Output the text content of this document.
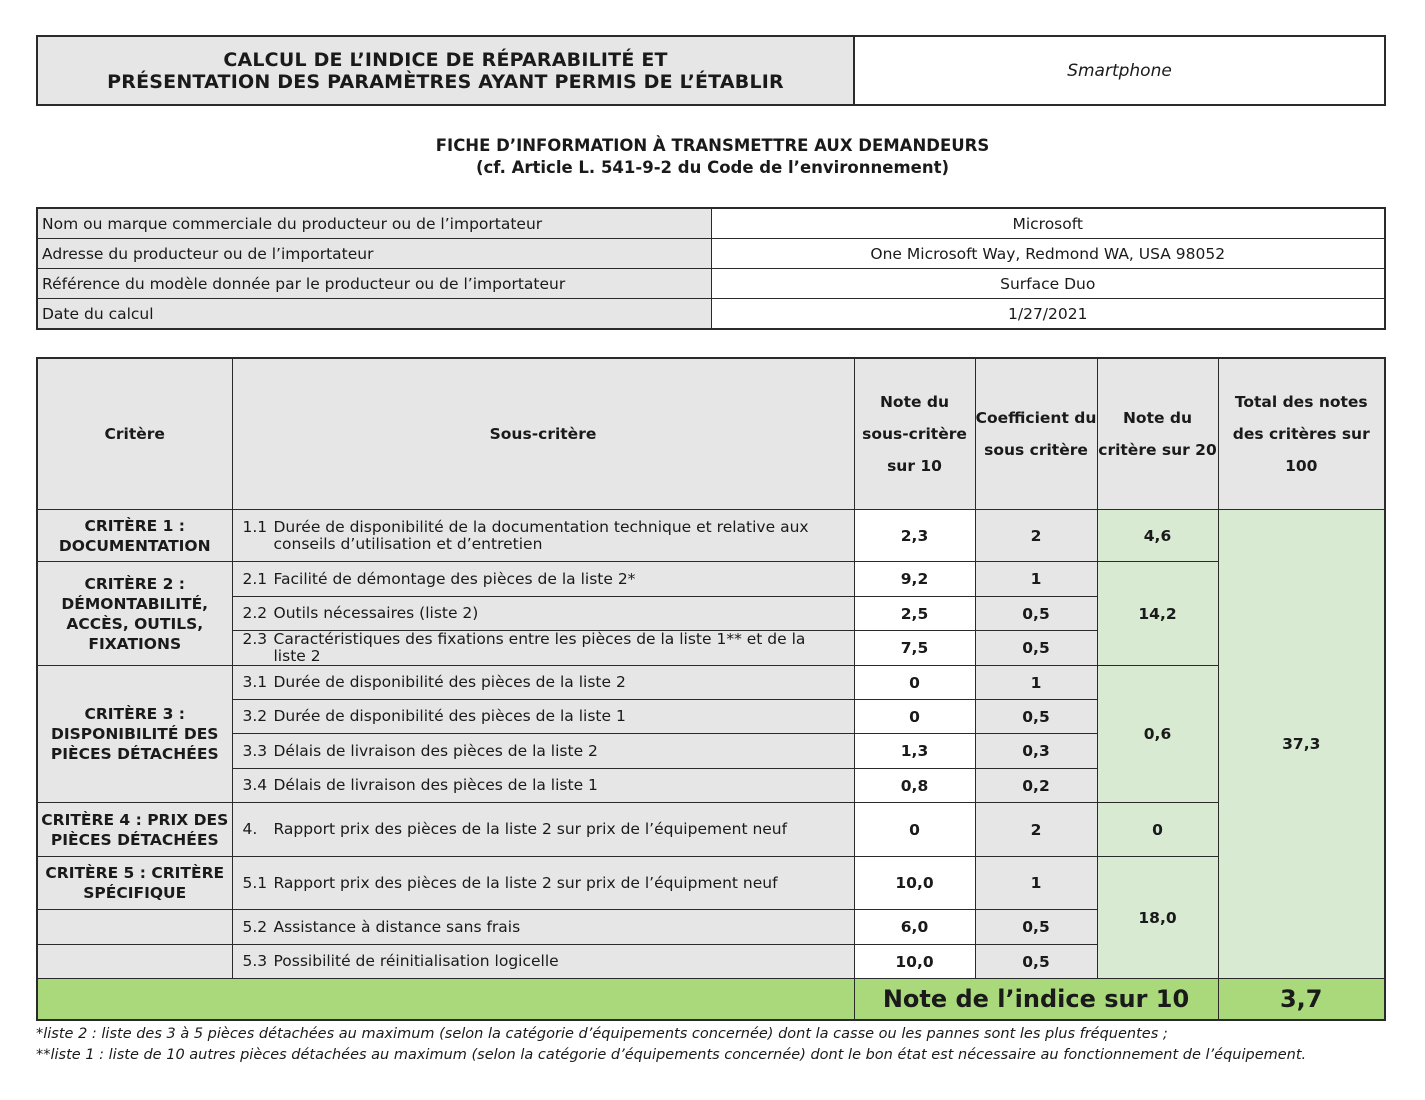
CALCUL DE L’INDICE DE RÉPARABILITÉ ET
PRÉSENTATION DES PARAMÈTRES AYANT PERMIS DE L’ÉTABLIR	Smartphone
FICHE D’INFORMATION À TRANSMETTRE AUX DEMANDEURS
(cf. Article L. 541-9-2 du Code de l’environnement)
Nom ou marque commerciale du producteur ou de l’importateur	Microsoft
Adresse du producteur ou de l’importateur	One Microsoft Way, Redmond WA, USA 98052
Référence du modèle donnée par le producteur ou de l’importateur	Surface Duo
Date du calcul	1/27/2021
Critère	Sous-critère	Note du sous-critère sur 10	Coefficient du sous critère	Note du critère sur 20	Total des notes des critères sur 100
CRITÈRE 1 : DOCUMENTATION	1.1 Durée de disponibilité de la documentation technique et relative aux conseils d’utilisation et d’entretien	2,3	2	4,6	37,3
CRITÈRE 2 : DÉMONTABILITÉ, ACCÈS, OUTILS, FIXATIONS	2.1 Facilité de démontage des pièces de la liste 2*	9,2	1	14,2	

	2.2 Outils nécessaires (liste 2)	2,5	0,5		

	2.3 Caractéristiques des fixations entre les pièces de la liste 1** et de la liste 2	7,5	0,5		
CRITÈRE 3 : DISPONIBILITÉ DES PIÈCES DÉTACHÉES	3.1 Durée de disponibilité des pièces de la liste 2	0	1	0,6	

	3.2 Durée de disponibilité des pièces de la liste 1	0	0,5		

	3.3 Délais de livraison des pièces de la liste 2	1,3	0,3		

	3.4 Délais de livraison des pièces de la liste 1	0,8	0,2		
CRITÈRE 4 : PRIX DES PIÈCES DÉTACHÉES	4. Rapport prix des pièces de la liste 2 sur prix de l’équipement neuf	0	2	0	
CRITÈRE 5 : CRITÈRE SPÉCIFIQUE	5.1 Rapport prix des pièces de la liste 2 sur prix de l’équipment neuf	10,0	1	18,0	

	5.2 Assistance à distance sans frais	6,0	0,5		

	5.3 Possibilité de réinitialisation logicelle	10,0	0,5		
		Note de l’indice sur 10			3,7
*liste 2 : liste des 3 à 5 pièces détachées au maximum (selon la catégorie d’équipements concernée) dont la casse ou les pannes sont les plus fréquentes ;
**liste 1 : liste de 10 autres pièces détachées au maximum (selon la catégorie d’équipements concernée) dont le bon état est nécessaire au fonctionnement de l’équipement.
